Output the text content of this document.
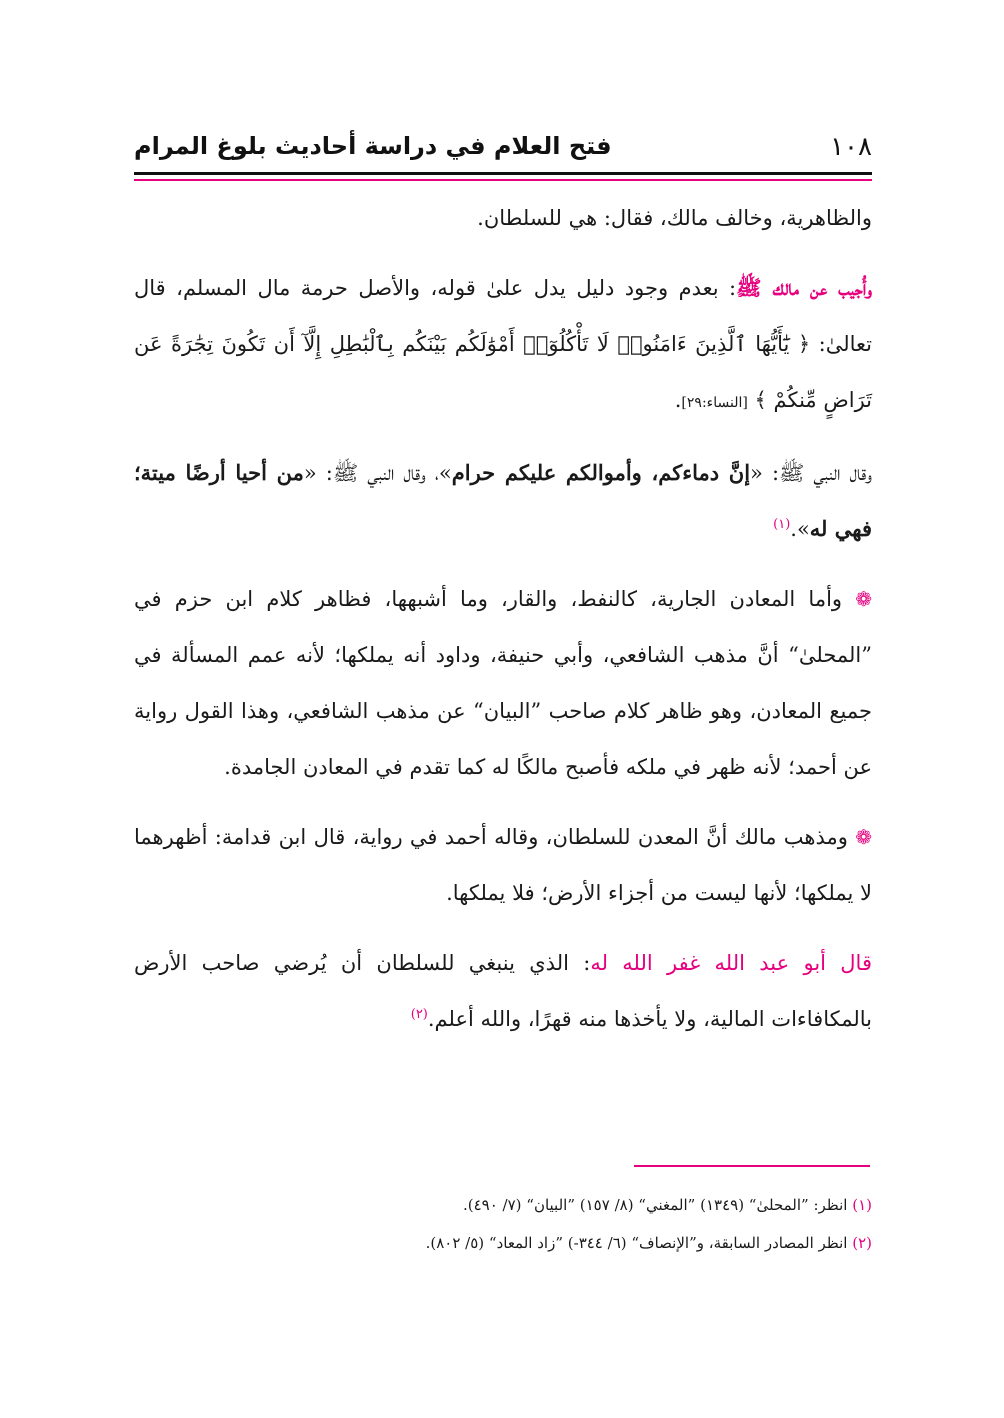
١٠٨
فتح العلام في دراسة أحاديث بلوغ المرام

والظاهرية، وخالف مالك، فقال: هي للسلطان.

وأُجيب عن مالك ﷺ: بعدم وجود دليل يدل علىٰ قوله، والأصل حرمة مال المسلم، قال تعالىٰ: ﴿ يَٰٓأَيُّهَا ٱلَّذِينَ ءَامَنُوا۟ لَا تَأْكُلُوٓا۟ أَمْوَٰلَكُم بَيْنَكُم بِٱلْبَٰطِلِ إِلَّآ أَن تَكُونَ تِجَٰرَةً عَن تَرَاضٍ مِّنكُمْ ﴾ [النساء:٢٩].

وقال النبي ﷺ: «إنَّ دماءكم، وأموالكم عليكم حرام»، وقال النبي ﷺ: «من أحيا أرضًا ميتة؛ فهي له».$^{(١)}$

❁ وأما المعادن الجارية، كالنفط، والقار، وما أشبهها، فظاهر كلام ابن حزم في ”المحلىٰ“ أنَّ مذهب الشافعي، وأبي حنيفة، وداود أنه يملكها؛ لأنه عمم المسألة في جميع المعادن، وهو ظاهر كلام صاحب ”البيان“ عن مذهب الشافعي، وهذا القول رواية عن أحمد؛ لأنه ظهر في ملكه فأصبح مالكًا له كما تقدم في المعادن الجامدة.

❁ ومذهب مالك أنَّ المعدن للسلطان، وقاله أحمد في رواية، قال ابن قدامة: أظهرهما لا يملكها؛ لأنها ليست من أجزاء الأرض؛ فلا يملكها.

قال أبو عبد الله غفر الله له: الذي ينبغي للسلطان أن يُرضي صاحب الأرض بالمكافاءات المالية، ولا يأخذها منه قهرًا، والله أعلم.$^{(٢)}$

(١) انظر: ”المحلىٰ“ (١٣٤٩) ”المغني“ (٨/ ١٥٧) ”البيان“ (٧/ ٤٩٠).
(٢) انظر المصادر السابقة، و”الإنصاف“ (٦/ ٣٤٤-) ”زاد المعاد“ (٥/ ٨٠٢).
